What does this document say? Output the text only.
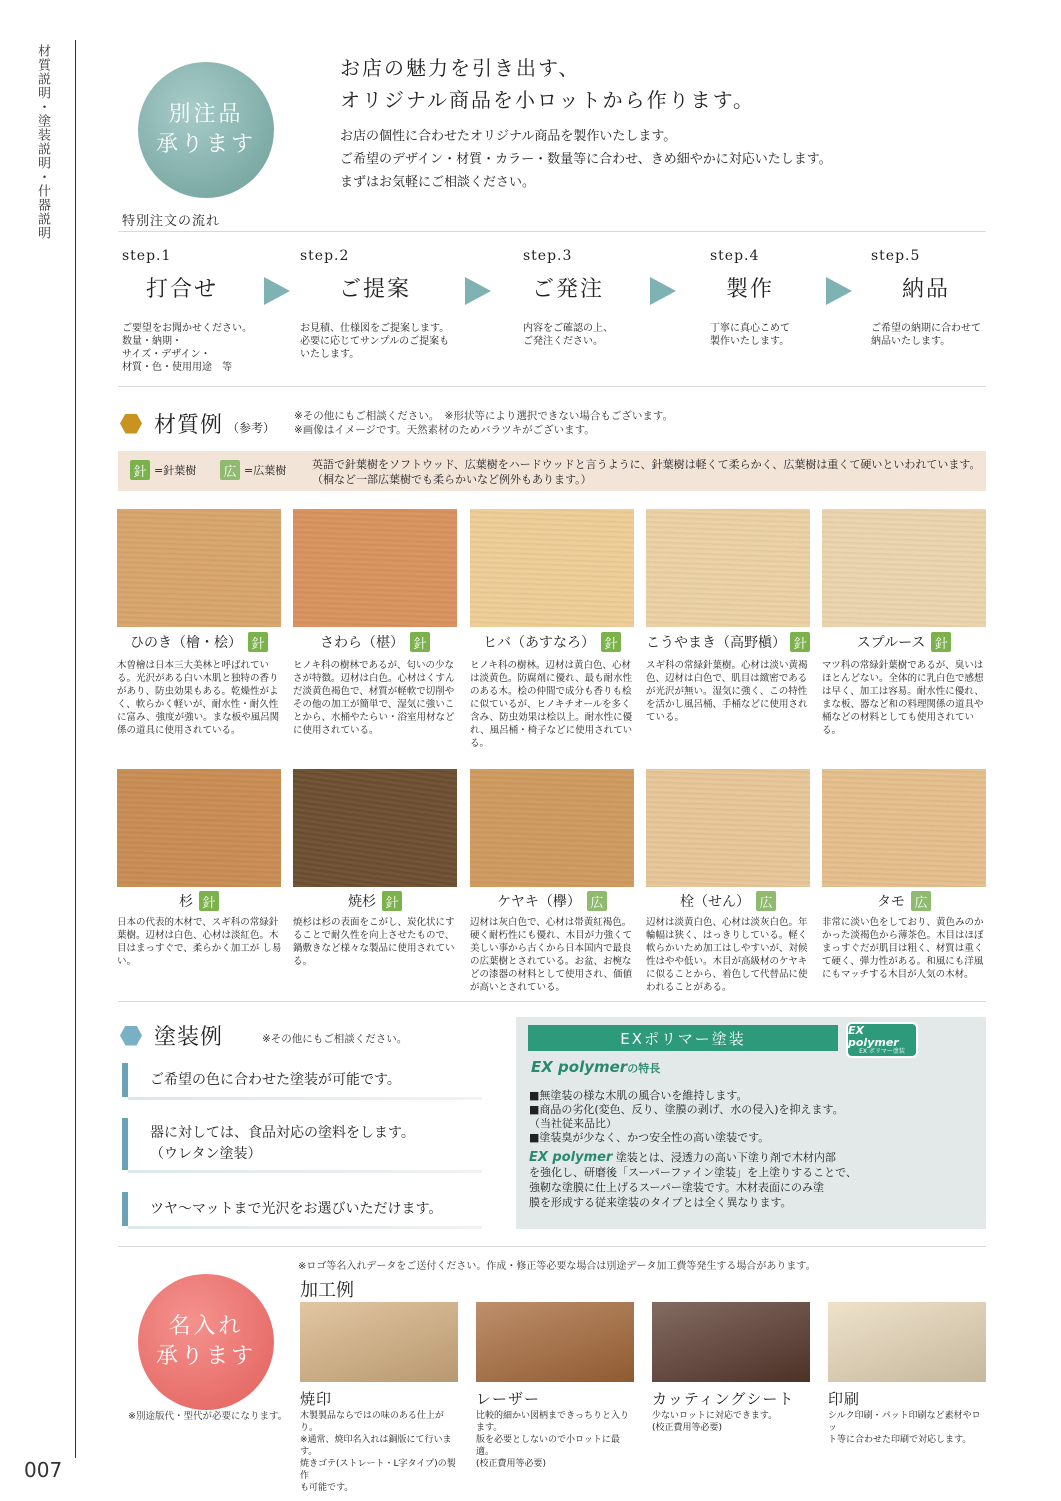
材質説明・塗装説明・什器説明
007
別注品
承ります
お店の魅力を引き出す、
オリジナル商品を小ロットから作ります。
お店の個性に合わせたオリジナル商品を製作いたします。
ご希望のデザイン・材質・カラー・数量等に合わせ、きめ細やかに対応いたします。
まずはお気軽にご相談ください。
特別注文の流れ
step.1
打合せ
ご要望をお聞かせください。
数量・納期・
サイズ・デザイン・
材質・色・使用用途　等
step.2
ご提案
お見積、仕様図をご提案します。
必要に応じてサンプルのご提案も
いたします。
step.3
ご発注
内容をご確認の上、
ご発注ください。
step.4
製作
丁寧に真心こめて
製作いたします。
step.5
納品
ご希望の納期に合わせて
納品いたします。
材質例 （参考）
※その他にもご相談ください。　※形状等により選択できない場合もございます。
※画像はイメージです。天然素材のためバラツキがございます。
針 =針葉樹 広 =広葉樹 英語で針葉樹をソフトウッド、広葉樹をハードウッドと言うように、針葉樹は軽くて柔らかく、広葉樹は重くて硬いといわれています。
（桐など一部広葉樹でも柔らかいなど例外もあります。）
ひのき（檜・桧） 針
木曽檜は日本三大美林と呼ばれている。光沢がある白い木肌と独特の香りがあり、防虫効果もある。乾燥性がよく、軟らかく軽いが、耐水性・耐久性に富み、強度が強い。まな板や風呂関係の道具に使用されている。
さわら（椹） 針
ヒノキ科の樹林であるが、匂いの少なさが特徴。辺材は白色。心材はくすんだ淡黄色褐色で、材質が軽軟で切削やその他の加工が簡単で、湿気に強いことから、水桶やたらい・浴室用材などに使用されている。
ヒバ（あすなろ） 針
ヒノキ科の樹林。辺材は黄白色、心材は淡黄色。防腐剤に優れ、最も耐水性のある木。桧の仲間で成分も香りも桧に似ているが、ヒノキチオールを多く含み、防虫効果は桧以上。耐水性に優れ、風呂桶・椅子などに使用されている。
こうやまき（高野槇） 針
スギ科の常緑針葉樹。心材は淡い黄褐色、辺材は白色で、肌目は緻密であるが光沢が無い。湿気に強く、この特性を活かし風呂桶、手桶などに使用されている。
スプルース 針
マツ科の常緑針葉樹であるが、臭いはほとんどない。全体的に乳白色で感想は早く、加工は容易。耐水性に優れ、まな板、器など和の料理関係の道具や桶などの材料としても使用されている。
杉 針
日本の代表的木材で、スギ科の常緑針葉樹。辺材は白色、心材は淡紅色。木目はまっすぐで、柔らかく加工が し易い。
焼杉 針
焼杉は杉の表面をこがし、炭化状にすることで耐久性を向上させたもので、鍋敷きなど様々な製品に使用されている。
ケヤキ（欅） 広
辺材は灰白色で、心材は帯黄紅褐色。硬く耐朽性にも優れ、木目が力強くて美しい事から古くから日本国内で最良の広葉樹とされている。お盆、お椀などの漆器の材料として使用され、価値が高いとされている。
栓（せん） 広
辺材は淡黄白色、心材は淡灰白色。年輪幅は狭く、はっきりしている。軽く軟らかいため加工はしやすいが、対候性はやや低い。木目が高級材のケヤキに似ることから、着色して代替品に使われることがある。
タモ 広
非常に淡い色をしており、黄色みのかかった淡褐色から薄茶色。木目はほぼまっすぐだが肌目は粗く、材質は重くて硬く、弾力性がある。和風にも洋風にもマッチする木目が人気の木材。
塗装例	※その他にもご相談ください。
ご希望の色に合わせた塗装が可能です。
器に対しては、食品対応の塗料をします。
（ウレタン塗装）
ツヤ～マットまで光沢をお選びいただけます。
EXポリマー塗装	EX polymer
EX ポリマー塗装
EX polymerの特長
■無塗装の様な木肌の風合いを維持します。
■商品の劣化(変色、反り、塗膜の剥げ、水の侵入)を抑えます。
（当社従来品比）
■塗装臭が少なく、かつ安全性の高い塗装です。
EX polymer 塗装とは、浸透力の高い下塗り剤で木材内部
を強化し、研磨後「スーパーファイン塗装」を上塗りすることで、
強靭な塗膜に仕上げるスーパー塗装です。木材表面にのみ塗
膜を形成する従来塗装のタイプとは全く異なります。
名入れ
承ります
※ロゴ等名入れデータをご送付ください。作成・修正等必要な場合は別途データ加工費等発生する場合があります。
加工例
※別途版代・型代が必要になります。
焼印	レーザー	カッティングシート 印刷
木製製品ならではの味のある仕上がり。
※通常、焼印名入れは銅版にて行います。
焼きゴテ(ストレート・L字タイプ)の製作
も可能です。
比較的細かい図柄まできっちりと入ります。
版を必要としないので小ロットに最適。
(校正費用等必要)
少ないロットに対応できます。
(校正費用等必要)
シルク印刷・パット印刷など素材やロッ
ト等に合わせた印刷で対応します。
